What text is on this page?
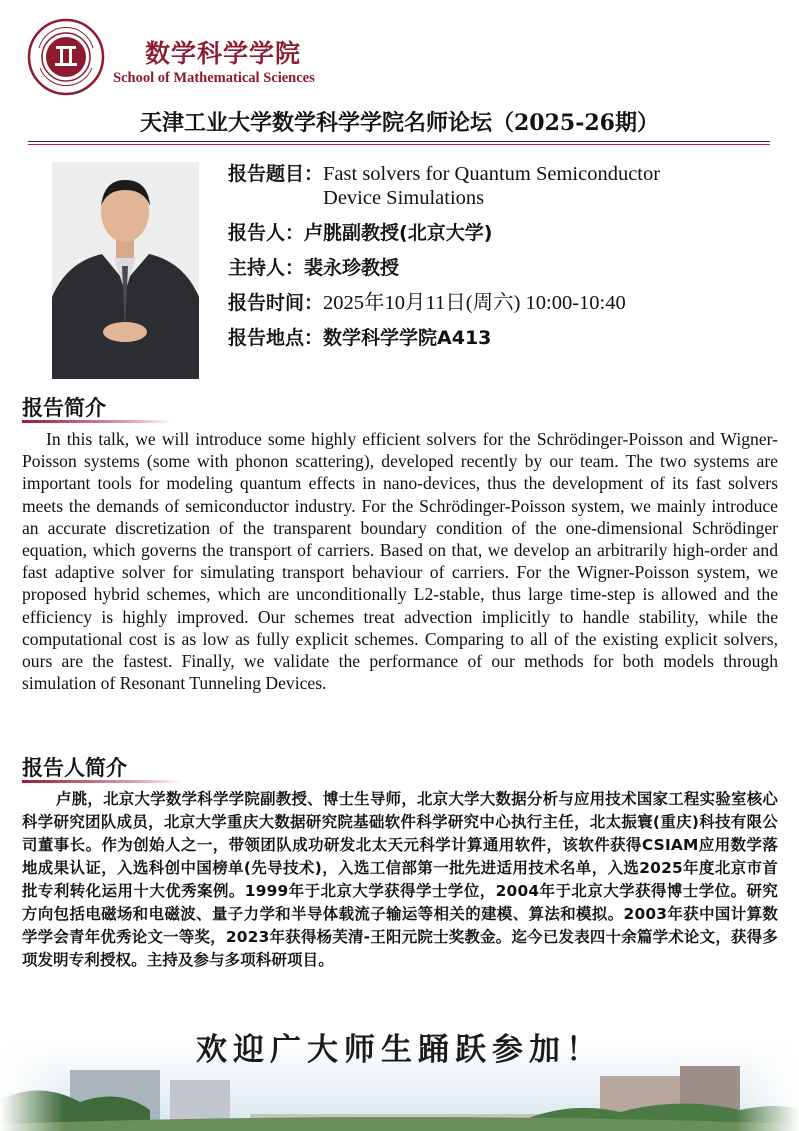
数学科学学院
School of Mathematical Sciences
天津工业大学数学科学学院名师论坛（2025-26期）
报告题目： Fast solvers for Quantum Semiconductor Device Simulations
报告人： 卢朓副教授(北京大学)
主持人： 裴永珍教授
报告时间： 2025年10月11日(周六) 10:00-10:40
报告地点： 数学科学学院A413
报告简介

In this talk, we will introduce some highly efficient solvers for the Schrödinger-Poisson and Wigner-Poisson systems (some with phonon scattering), developed recently by our team. The two systems are important tools for modeling quantum effects in nano-devices, thus the development of its fast solvers meets the demands of semiconductor industry. For the Schrödinger-Poisson system, we mainly introduce an accurate discretization of the transparent boundary condition of the one-dimensional Schrödinger equation, which governs the transport of carriers. Based on that, we develop an arbitrarily high-order and fast adaptive solver for simulating transport behaviour of carriers. For the Wigner-Poisson system, we proposed hybrid schemes, which are unconditionally L2-stable, thus large time-step is allowed and the efficiency is highly improved. Our schemes treat advection implicitly to handle stability, while the computational cost is as low as fully explicit schemes. Comparing to all of the existing explicit solvers, ours are the fastest. Finally, we validate the performance of our methods for both models through simulation of Resonant Tunneling Devices.

报告人简介

卢朓，北京大学数学科学学院副教授、博士生导师，北京大学大数据分析与应用技术国家工程实验室核心科学研究团队成员，北京大学重庆大数据研究院基础软件科学研究中心执行主任，北太振寰(重庆)科技有限公司董事长。作为创始人之一，带领团队成功研发北太天元科学计算通用软件，该软件获得CSIAM应用数学落地成果认证，入选科创中国榜单(先导技术)，入选工信部第一批先进适用技术名单，入选2025年度北京市首批专利转化运用十大优秀案例。1999年于北京大学获得学士学位，2004年于北京大学获得博士学位。研究方向包括电磁场和电磁波、量子力学和半导体载流子输运等相关的建模、算法和模拟。2003年获中国计算数学学会青年优秀论文一等奖，2023年获得杨芙清-王阳元院士奖教金。迄今已发表四十余篇学术论文，获得多项发明专利授权。主持及参与多项科研项目。

欢迎广大师生踊跃参加！
